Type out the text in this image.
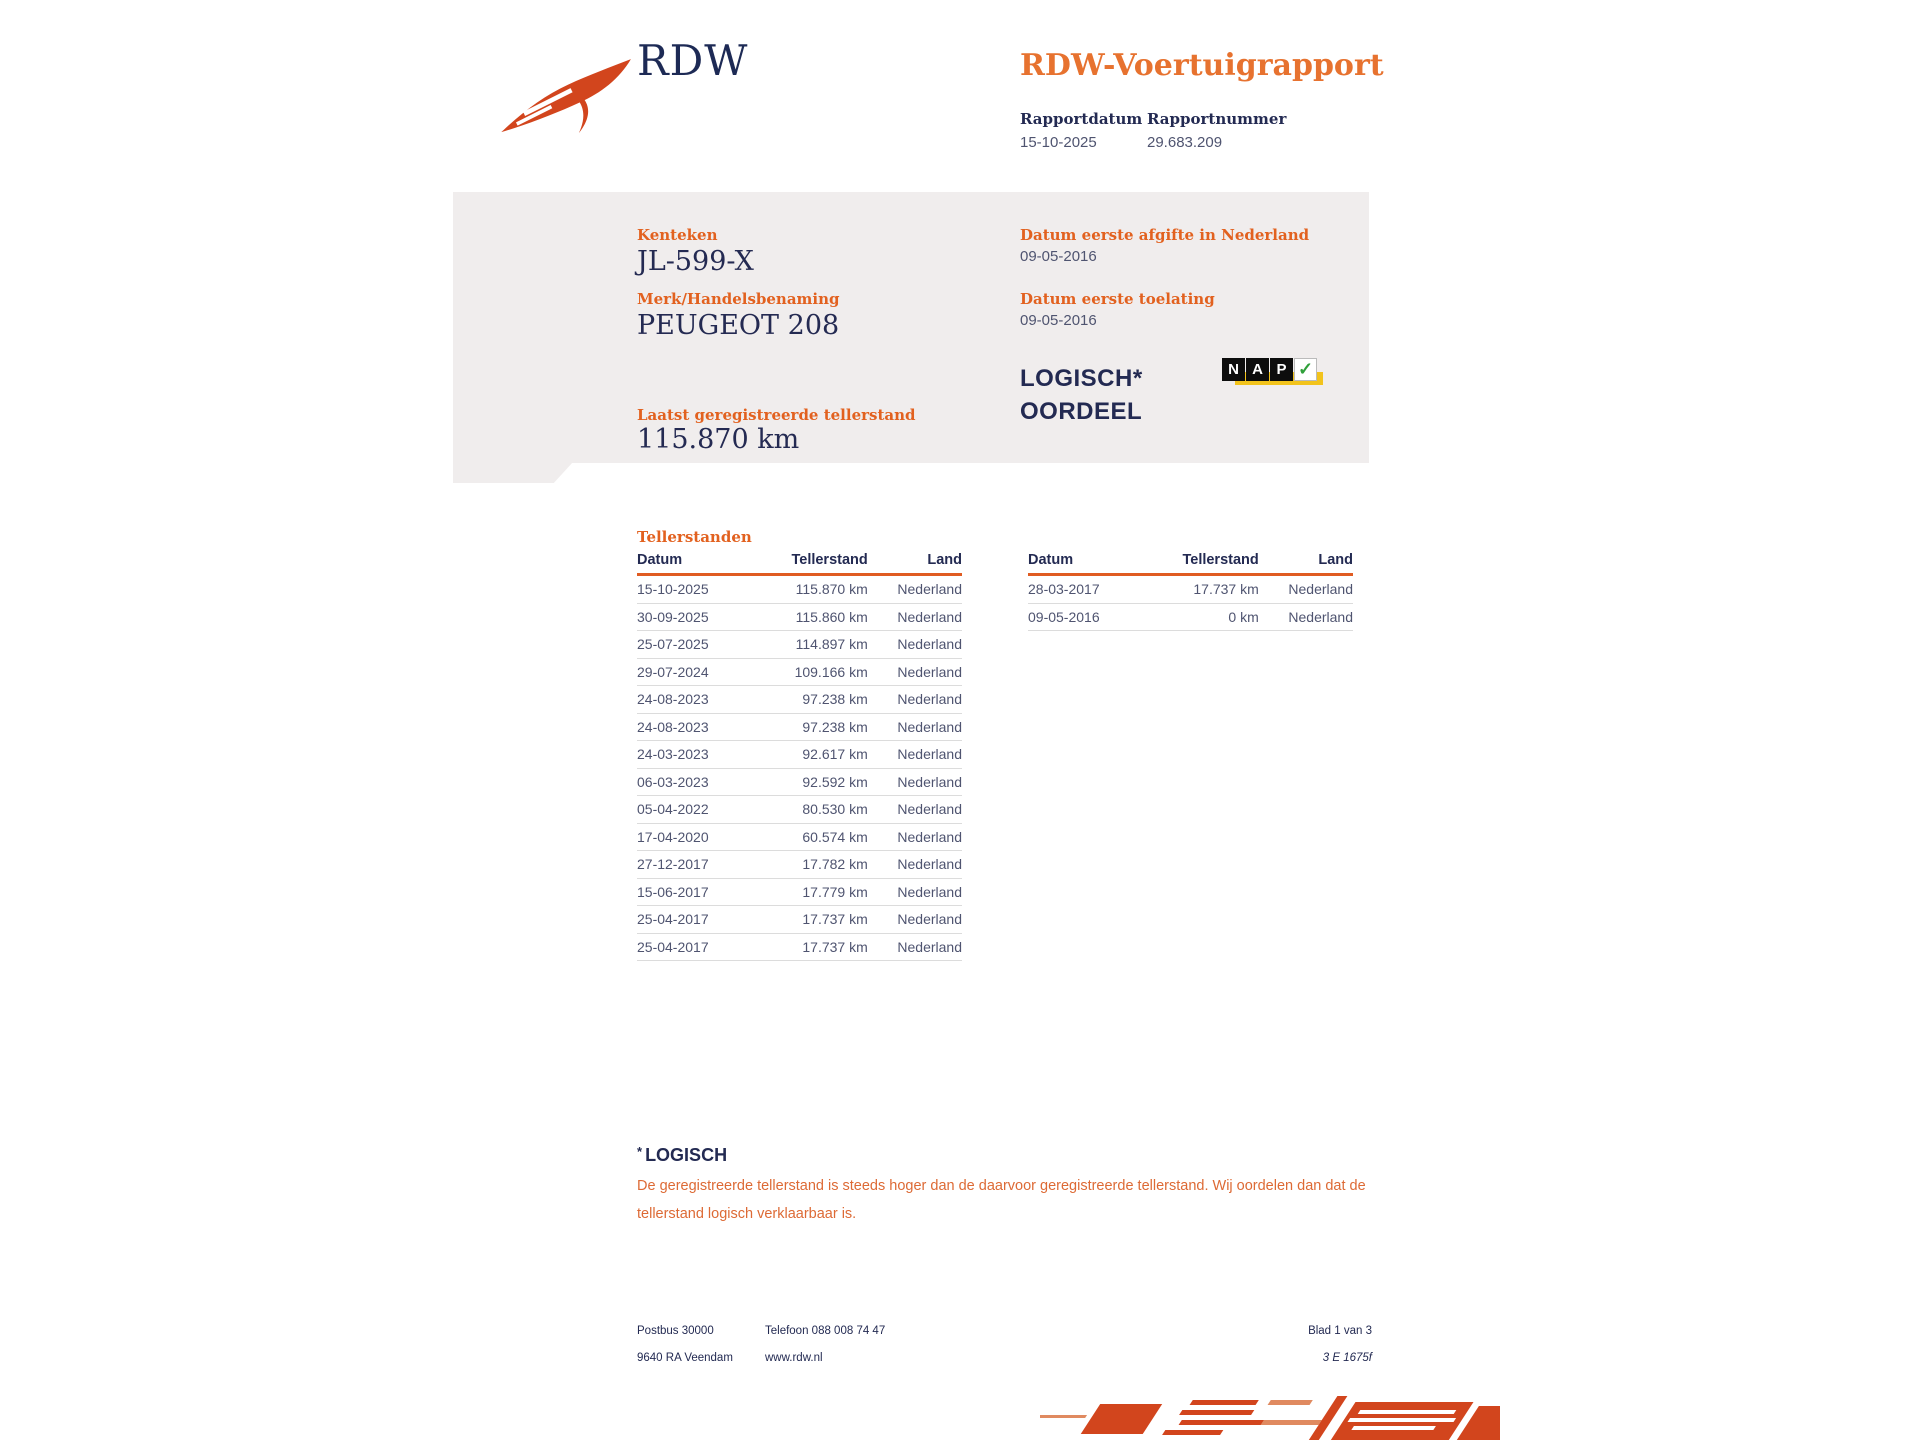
RDW	RDW-Voertuigrapport
Rapportdatum Rapportnummer
15-10-2025	29.683.209
Kenteken
JL-599-X
Merk/Handelsbenaming
PEUGEOT 208
Laatst geregistreerde tellerstand
115.870 km
Datum eerste afgifte in Nederland
09-05-2016
Datum eerste toelating
09-05-2016
LOGISCH*
OORDEEL
N A P ✓
Tellerstanden
Datum	Tellerstand	Land
15-10-2025	115.870 km	Nederland
30-09-2025	115.860 km	Nederland
25-07-2025	114.897 km	Nederland
29-07-2024	109.166 km	Nederland
24-08-2023	97.238 km	Nederland
24-08-2023	97.238 km	Nederland
24-03-2023	92.617 km	Nederland
06-03-2023	92.592 km	Nederland
05-04-2022	80.530 km	Nederland
17-04-2020	60.574 km	Nederland
27-12-2017	17.782 km	Nederland
15-06-2017	17.779 km	Nederland
25-04-2017	17.737 km	Nederland
25-04-2017	17.737 km	Nederland
Datum	Tellerstand	Land
28-03-2017	17.737 km	Nederland
09-05-2016	0 km	Nederland
* LOGISCH
De geregistreerde tellerstand is steeds hoger dan de daarvoor geregistreerde tellerstand. Wij oordelen dan dat de tellerstand logisch verklaarbaar is.
Postbus 30000
9640 RA Veendam
Telefoon 088 008 74 47
www.rdw.nl
Blad 1 van 3
3 E 1675f
